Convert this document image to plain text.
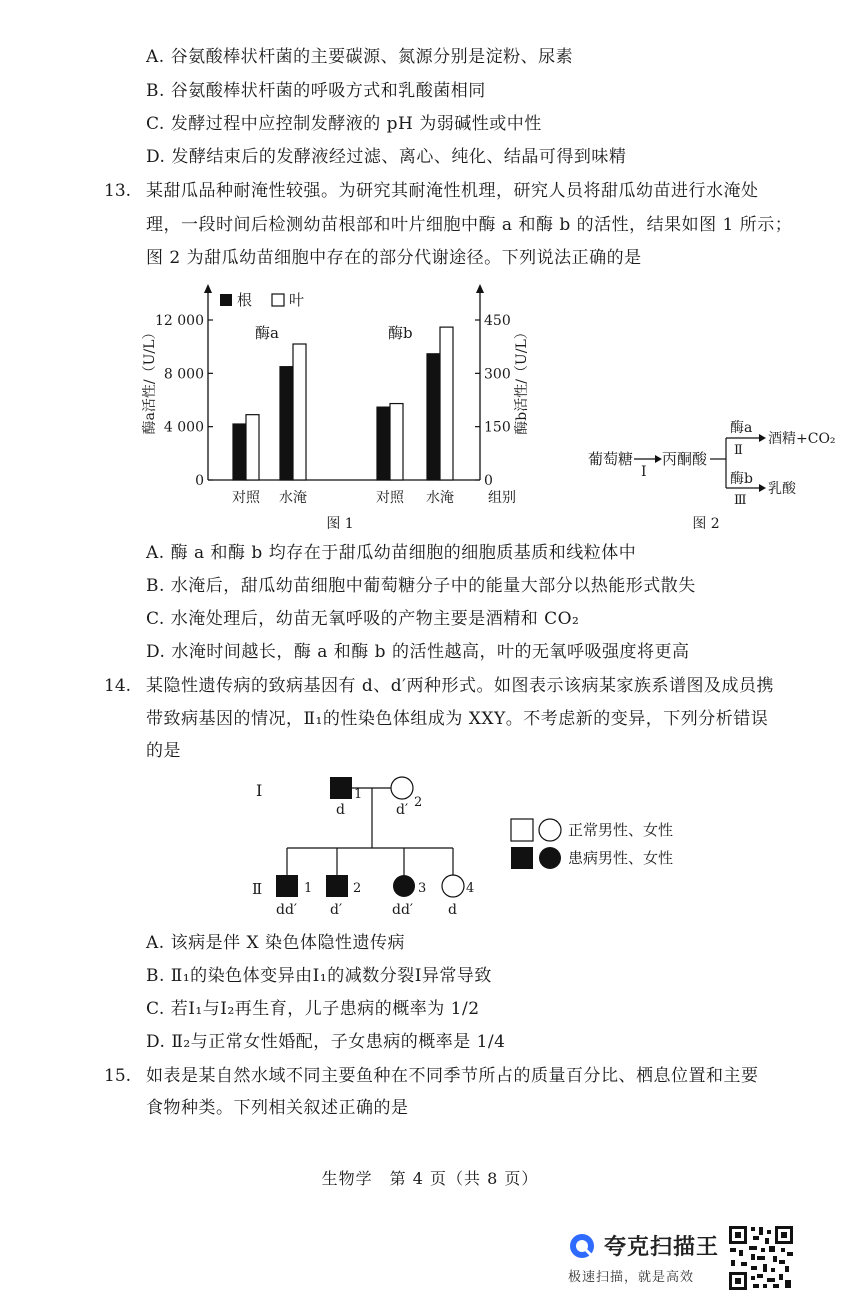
A. 谷氨酸棒状杆菌的主要碳源、氮源分别是淀粉、尿素
B. 谷氨酸棒状杆菌的呼吸方式和乳酸菌相同
C. 发酵过程中应控制发酵液的 pH 为弱碱性或中性
D. 发酵结束后的发酵液经过滤、离心、纯化、结晶可得到味精
13. 某甜瓜品种耐淹性较强。为研究其耐淹性机理，研究人员将甜瓜幼苗进行水淹处
理，一段时间后检测幼苗根部和叶片细胞中酶 a 和酶 b 的活性，结果如图 1 所示；
图 2 为甜瓜幼苗细胞中存在的部分代谢途径。下列说法正确的是
根 叶
0
4 000
8 000
12 000
0
150
300
450
酶a活性/（U/L）	酶b活性/（U/L）
酶a	酶b
对照 水淹	对照 水淹 组别
图 1
葡萄糖
I
丙酮酸
酶a
Ⅱ
酒精+CO₂
酶b
Ⅲ
乳酸
图 2
A. 酶 a 和酶 b 均存在于甜瓜幼苗细胞的细胞质基质和线粒体中
B. 水淹后，甜瓜幼苗细胞中葡萄糖分子中的能量大部分以热能形式散失
C. 水淹处理后，幼苗无氧呼吸的产物主要是酒精和 CO₂
D. 水淹时间越长，酶 a 和酶 b 的活性越高，叶的无氧呼吸强度将更高
14. 某隐性遗传病的致病基因有 d、d′两种形式。如图表示该病某家族系谱图及成员携
带致病基因的情况，Ⅱ₁的性染色体组成为 XXY。不考虑新的变异，下列分析错误
的是
I
Ⅱ
1
d	2
d′
1
dd′
2
d′
3
dd′
4
d
正常男性、女性
患病男性、女性
A. 该病是伴 X 染色体隐性遗传病
B. Ⅱ₁的染色体变异由Ⅰ₁的减数分裂Ⅰ异常导致
C. 若Ⅰ₁与Ⅰ₂再生育，儿子患病的概率为 1/2
D. Ⅱ₂与正常女性婚配，子女患病的概率是 1/4
15. 如表是某自然水域不同主要鱼种在不同季节所占的质量百分比、栖息位置和主要
食物种类。下列相关叙述正确的是
生物学　第 4 页（共 8 页）
夸克扫描王
极速扫描，就是高效
